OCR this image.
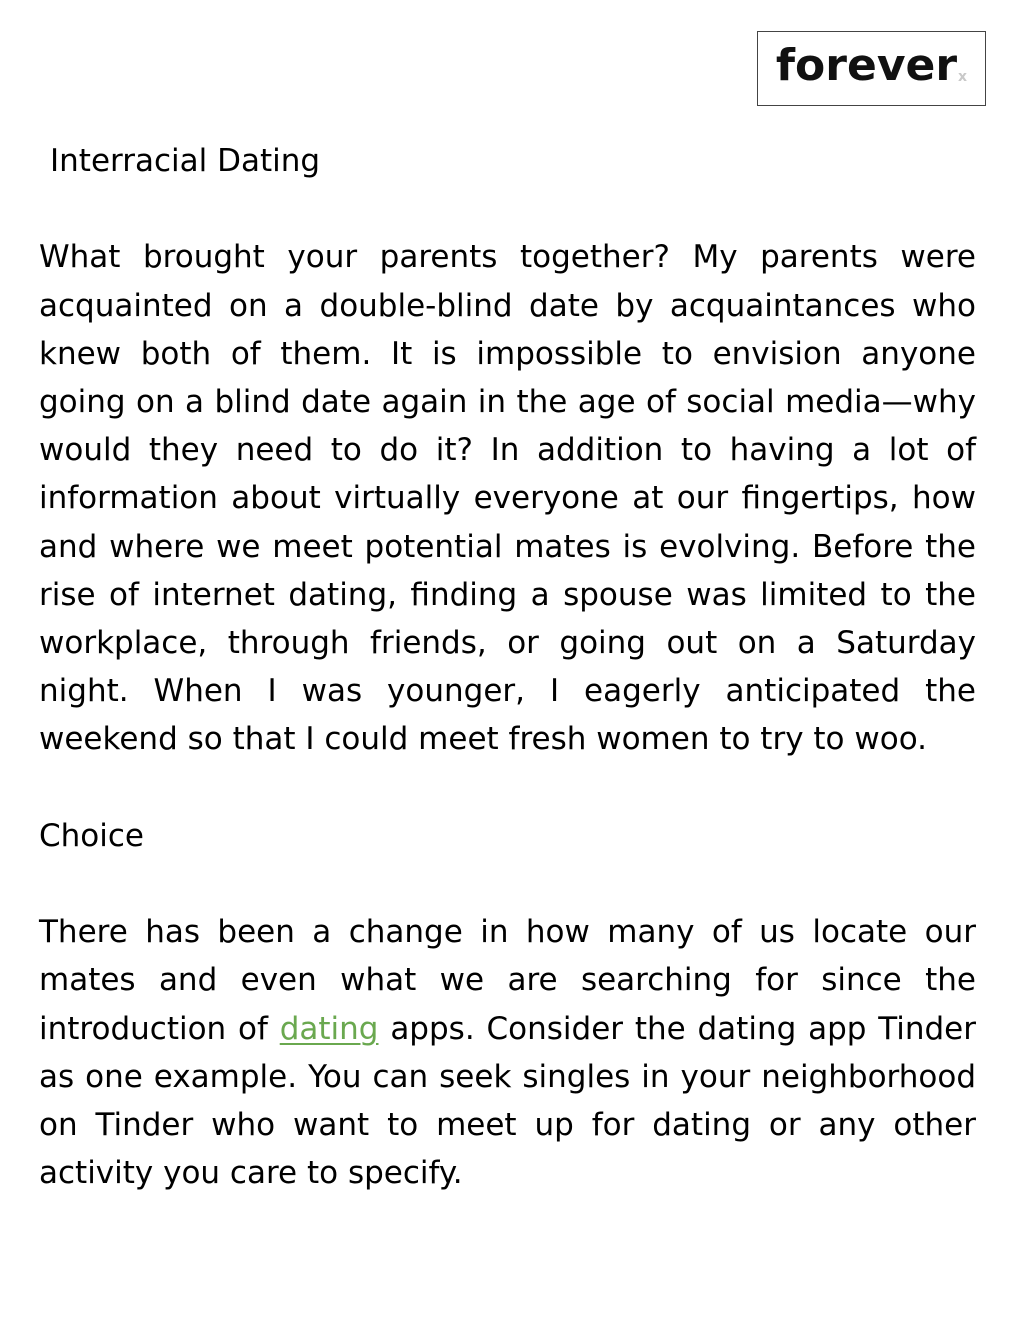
forever x
Interracial Dating

What brought your parents together? My parents were acquainted on a double-blind date by acquaintances who knew both of them. It is impossible to envision anyone going on a blind date again in the age of social media—why would they need to do it? In addition to having a lot of information about virtually everyone at our fingertips, how and where we meet potential mates is evolving. Before the rise of internet dating, finding a spouse was limited to the workplace, through friends, or going out on a Saturday night. When I was younger, I eagerly anticipated the weekend so that I could meet fresh women to try to woo.

Choice

There has been a change in how many of us locate our mates and even what we are searching for since the introduction of dating apps. Consider the dating app Tinder as one example. You can seek singles in your neighborhood on Tinder who want to meet up for dating or any other activity you care to specify.
